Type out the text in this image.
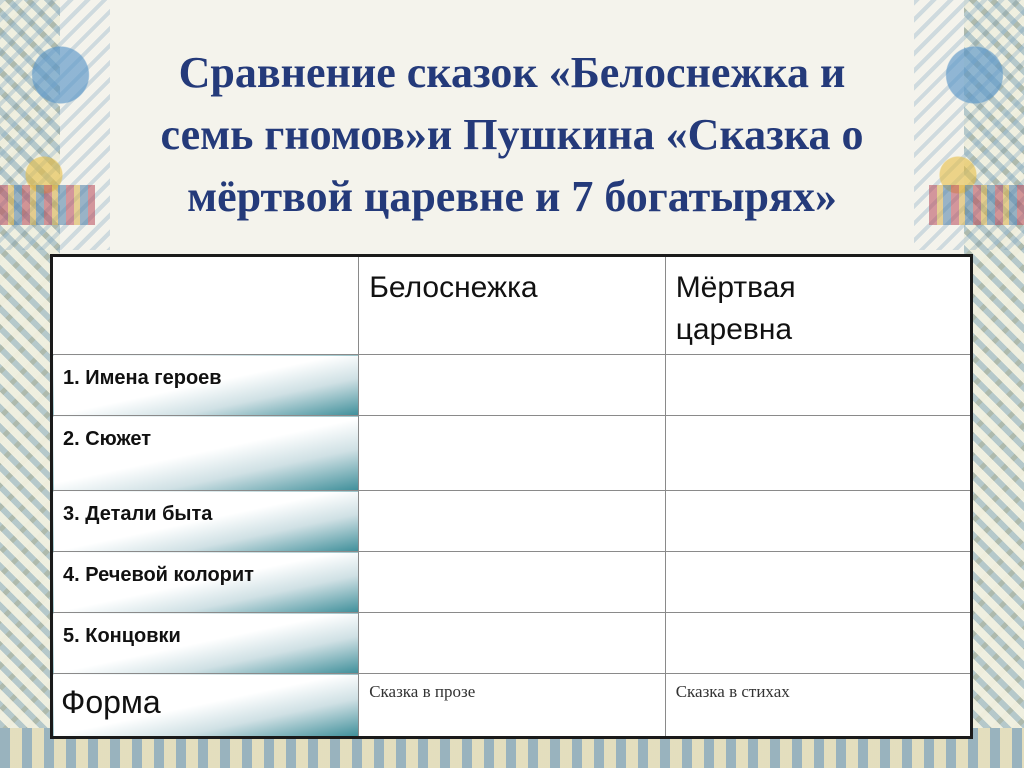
Сравнение сказок «Белоснежка и
семь гномов»и Пушкина «Сказка о
мёртвой царевне и 7 богатырях»

	Белоснежка	Мёртвая
царевна

1. Имена героев		

2. Сюжет		

3. Детали быта		

4. Речевой колорит		

5. Концовки		

Форма	Сказка в прозе	Сказка в стихах
